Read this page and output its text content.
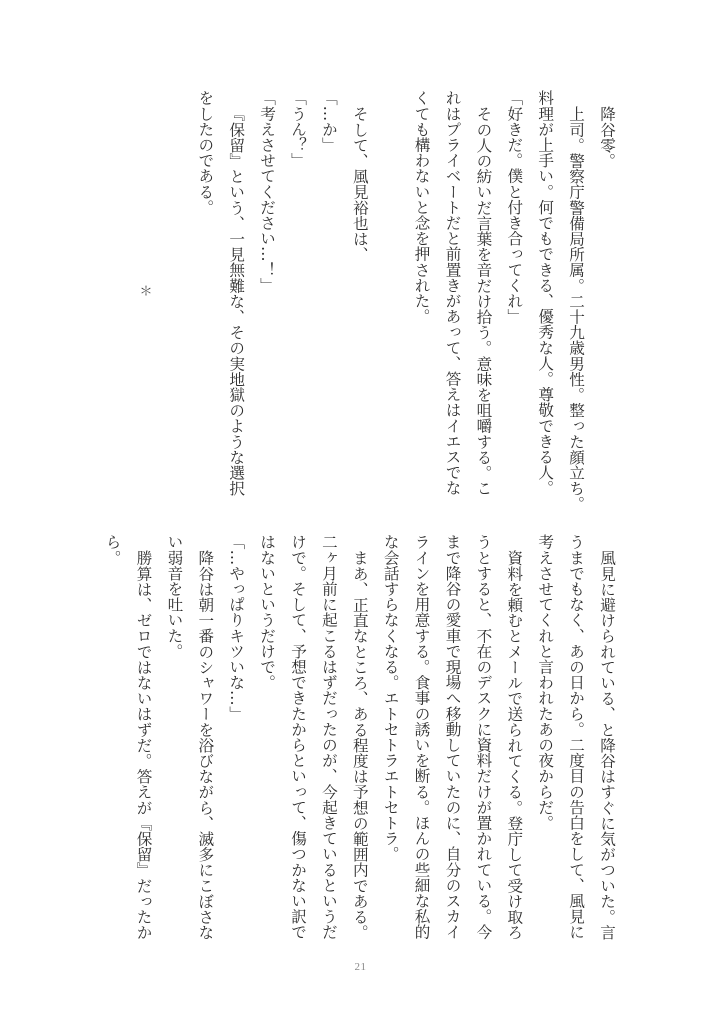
降谷零。
上司。警察庁警備局所属。二十九歳男性。整った顔立ち。
料理が上手い。何でもできる、優秀な人。尊敬できる人。
「好きだ。僕と付き合ってくれ」
その人の紡いだ言葉を音だけ拾う。意味を咀嚼する。こ
れはプライベートだと前置きがあって、答えはイエスでな
くても構わないと念を押された。
そして、風見裕也は、
「…か」
「うん？」
「考えさせてください…！」
『保留』という、一見無難な、その実地獄のような選択
をしたのである。
＊
風見に避けられている、と降谷はすぐに気がついた。言
うまでもなく、あの日から。二度目の告白をして、風見に
考えさせてくれと言われたあの夜からだ。
資料を頼むとメールで送られてくる。登庁して受け取ろ
うとすると、不在のデスクに資料だけが置かれている。今
まで降谷の愛車で現場へ移動していたのに、自分のスカイ
ラインを用意する。食事の誘いを断る。ほんの些細な私的
な会話すらなくなる。エトセトラエトセトラ。
まあ、正直なところ、ある程度は予想の範囲内である。
二ヶ月前に起こるはずだったのが、今起きているというだ
けで。そして、予想できたからといって、傷つかない訳で
はないというだけで。
「…やっぱりキツいな…」
降谷は朝一番のシャワーを浴びながら、滅多にこぼさな
い弱音を吐いた。
勝算は、ゼロではないはずだ。答えが『保留』だったか
ら。
21
